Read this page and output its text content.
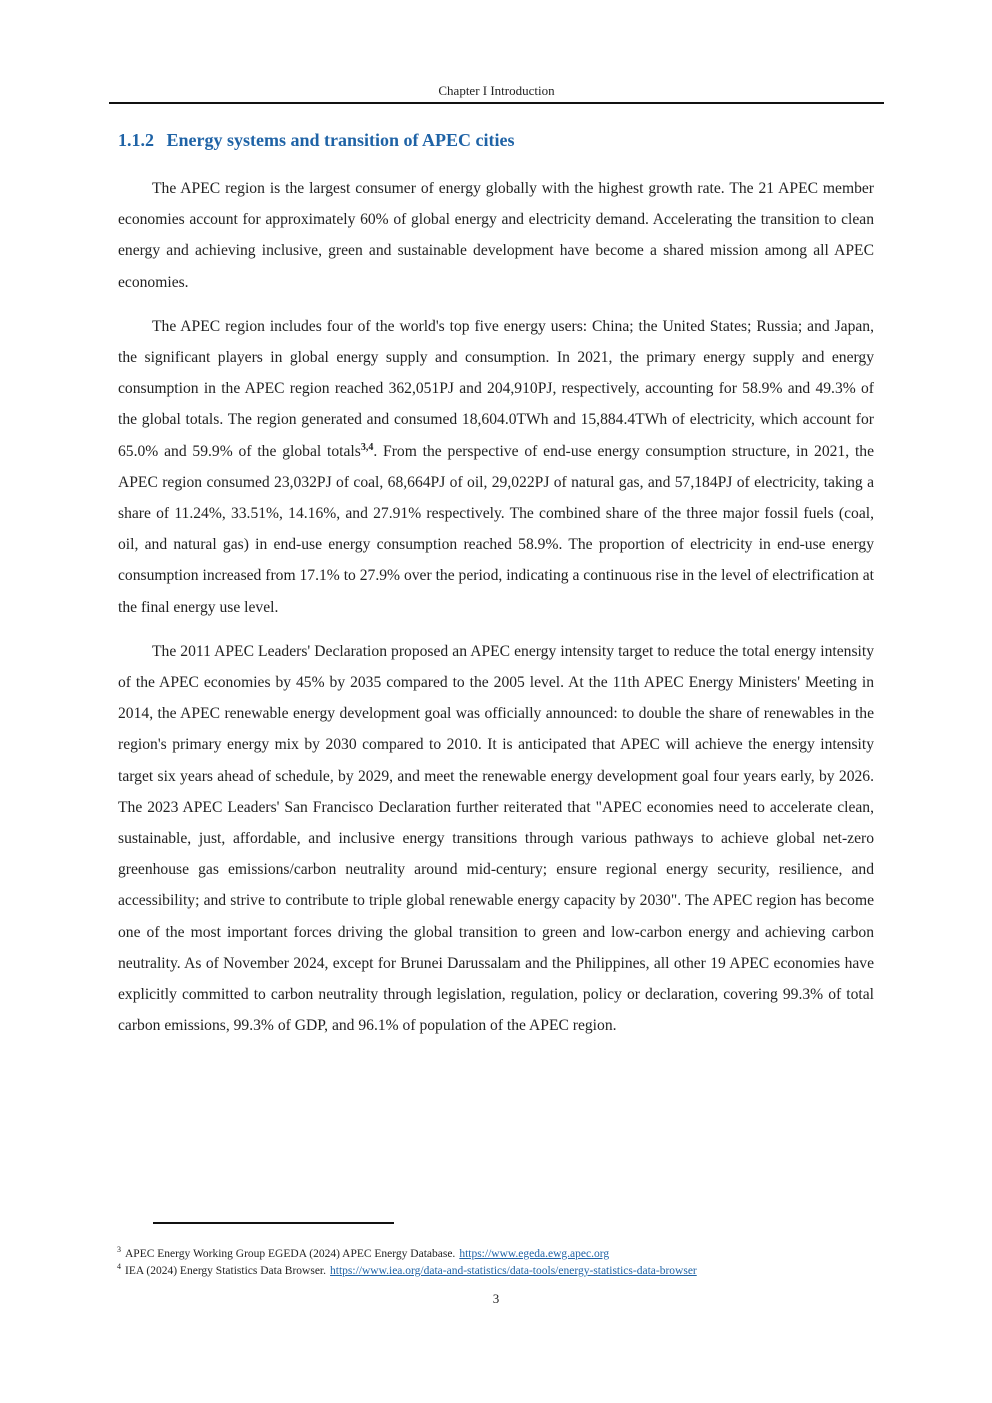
Chapter I Introduction
1.1.2 Energy systems and transition of APEC cities

The APEC region is the largest consumer of energy globally with the highest growth rate. The 21 APEC member economies account for approximately 60% of global energy and electricity demand. Accelerating the transition to clean energy and achieving inclusive, green and sustainable development have become a shared mission among all APEC economies.

The APEC region includes four of the world's top five energy users: China; the United States; Russia; and Japan, the significant players in global energy supply and consumption. In 2021, the primary energy supply and energy consumption in the APEC region reached 362,051PJ and 204,910PJ, respectively, accounting for 58.9% and 49.3% of the global totals. The region generated and consumed 18,604.0TWh and 15,884.4TWh of electricity, which account for 65.0% and 59.9% of the global totals$^{3,4}$. From the perspective of end-use energy consumption structure, in 2021, the APEC region consumed 23,032PJ of coal, 68,664PJ of oil, 29,022PJ of natural gas, and 57,184PJ of electricity, taking a share of 11.24%, 33.51%, 14.16%, and 27.91% respectively. The combined share of the three major fossil fuels (coal, oil, and natural gas) in end-use energy consumption reached 58.9%. The proportion of electricity in end-use energy consumption increased from 17.1% to 27.9% over the period, indicating a continuous rise in the level of electrification at the final energy use level.

The 2011 APEC Leaders' Declaration proposed an APEC energy intensity target to reduce the total energy intensity of the APEC economies by 45% by 2035 compared to the 2005 level. At the 11th APEC Energy Ministers' Meeting in 2014, the APEC renewable energy development goal was officially announced: to double the share of renewables in the region's primary energy mix by 2030 compared to 2010. It is anticipated that APEC will achieve the energy intensity target six years ahead of schedule, by 2029, and meet the renewable energy development goal four years early, by 2026. The 2023 APEC Leaders' San Francisco Declaration further reiterated that "APEC economies need to accelerate clean, sustainable, just, affordable, and inclusive energy transitions through various pathways to achieve global net-zero greenhouse gas emissions/carbon neutrality around mid-century; ensure regional energy security, resilience, and accessibility; and strive to contribute to triple global renewable energy capacity by 2030". The APEC region has become one of the most important forces driving the global transition to green and low-carbon energy and achieving carbon neutrality. As of November 2024, except for Brunei Darussalam and the Philippines, all other 19 APEC economies have explicitly committed to carbon neutrality through legislation, regulation, policy or declaration, covering 99.3% of total carbon emissions, 99.3% of GDP, and 96.1% of population of the APEC region.

$^3$ APEC Energy Working Group EGEDA (2024) APEC Energy Database. https://www.egeda.ewg.apec.org
$^4$ IEA (2024) Energy Statistics Data Browser. https://www.iea.org/data-and-statistics/data-tools/energy-statistics-data-browser
3
